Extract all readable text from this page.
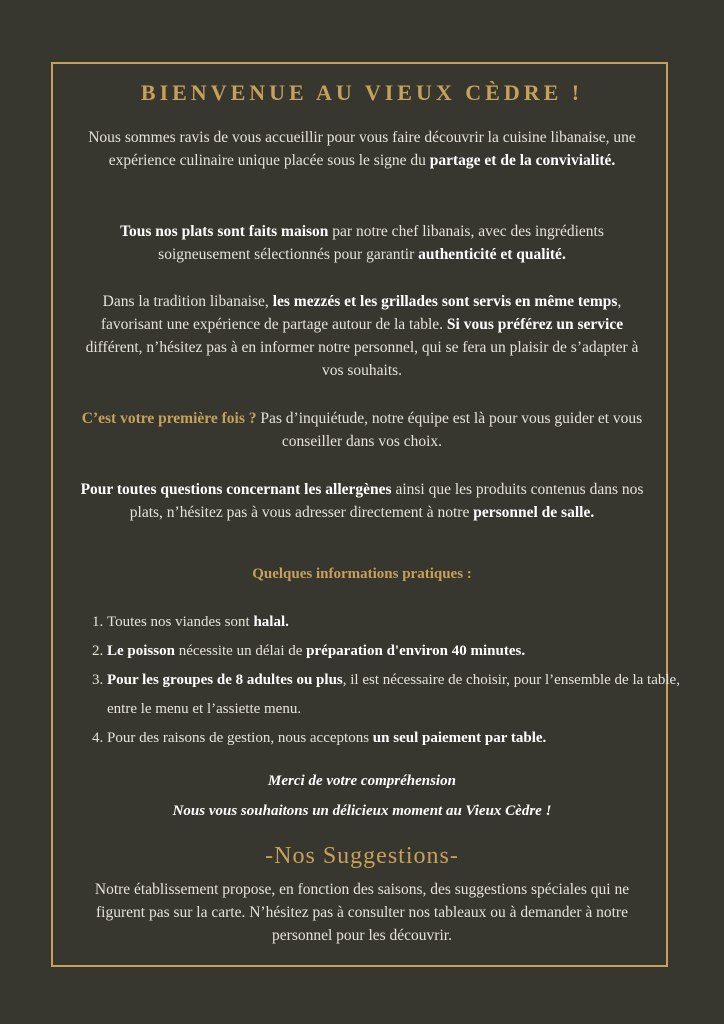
BIENVENUE AU VIEUX CÈDRE !
Nous sommes ravis de vous accueillir pour vous faire découvrir la cuisine libanaise, une expérience culinaire unique placée sous le signe du partage et de la convivialité.
Tous nos plats sont faits maison par notre chef libanais, avec des ingrédients soigneusement sélectionnés pour garantir authenticité et qualité.
Dans la tradition libanaise, les mezzés et les grillades sont servis en même temps, favorisant une expérience de partage autour de la table. Si vous préférez un service différent, n’hésitez pas à en informer notre personnel, qui se fera un plaisir de s’adapter à vos souhaits.
C’est votre première fois ? Pas d’inquiétude, notre équipe est là pour vous guider et vous conseiller dans vos choix.
Pour toutes questions concernant les allergènes ainsi que les produits contenus dans nos plats, n’hésitez pas à vous adresser directement à notre personnel de salle.
Quelques informations pratiques :
1. Toutes nos viandes sont halal.
2. Le poisson nécessite un délai de préparation d'environ 40 minutes.
3. Pour les groupes de 8 adultes ou plus, il est nécessaire de choisir, pour l’ensemble de la table, entre le menu et l’assiette menu.
4. Pour des raisons de gestion, nous acceptons un seul paiement par table.
Merci de votre compréhension
Nous vous souhaitons un délicieux moment au Vieux Cèdre !
-Nos Suggestions-
Notre établissement propose, en fonction des saisons, des suggestions spéciales qui ne figurent pas sur la carte. N’hésitez pas à consulter nos tableaux ou à demander à notre personnel pour les découvrir.
